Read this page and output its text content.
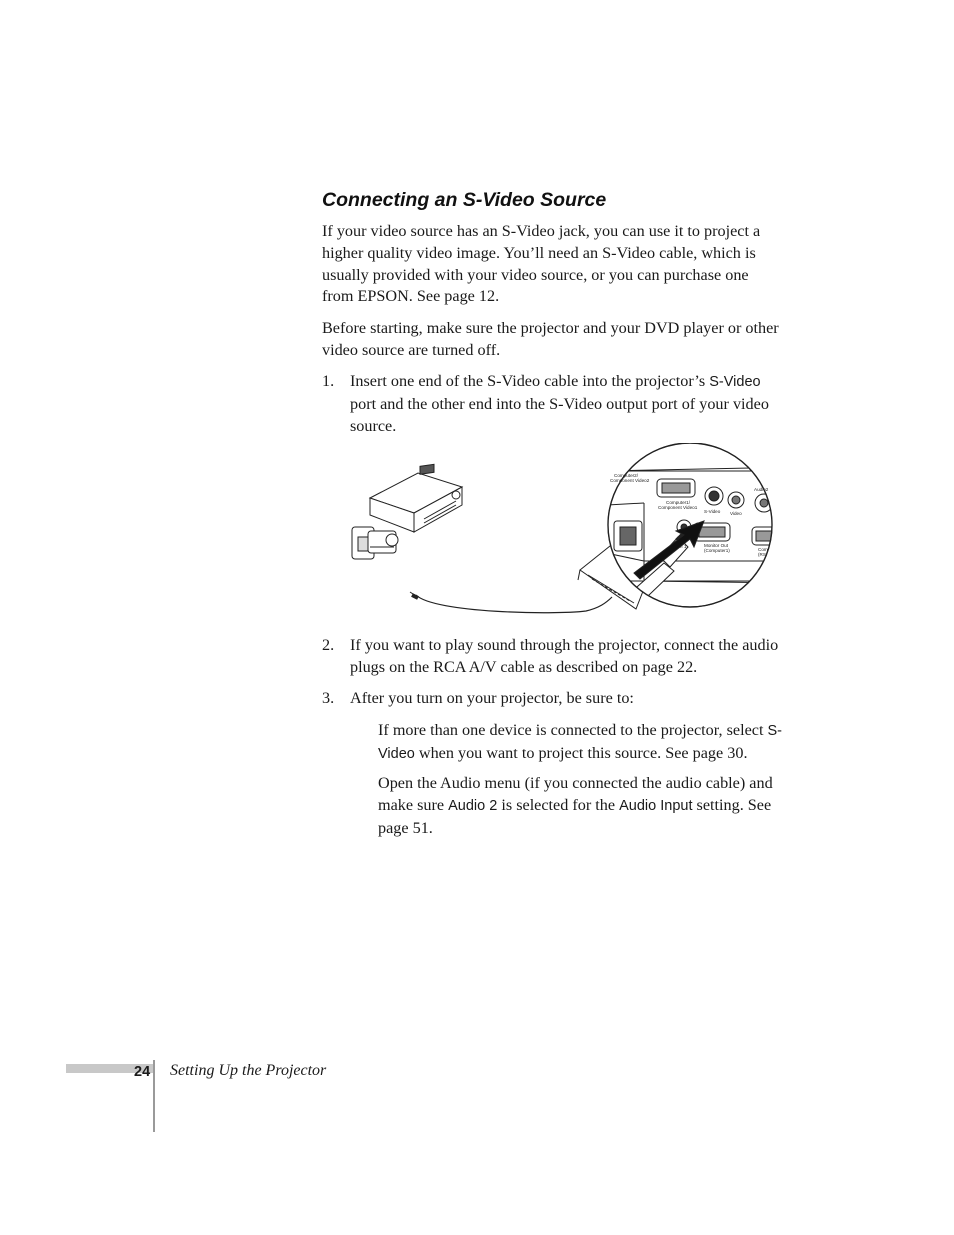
Connecting an S-Video Source

If your video source has an S-Video jack, you can use it to project a higher quality video image. You’ll need an S-Video cable, which is usually provided with your video source, or you can purchase one from EPSON. See page 12.

Before starting, make sure the projector and your DVD player or other video source are turned off.

1. Insert one end of the S-Video cable into the projector’s S-Video port and the other end into the S-Video output port of your video source.
Computer2/
Component Video2
Computer1/
Component Video1
S-Video Video
Audio2
rl 1	Monitor Out
(Computer1)	Com
(RS
2. If you want to play sound through the projector, connect the audio plugs on the RCA A/V cable as described on page 22.
3. After you turn on your projector, be sure to:

If more than one device is connected to the projector, select S-Video when you want to project this source. See page 30.

Open the Audio menu (if you connected the audio cable) and make sure Audio 2 is selected for the Audio Input setting. See page 51.

24 Setting Up the Projector
